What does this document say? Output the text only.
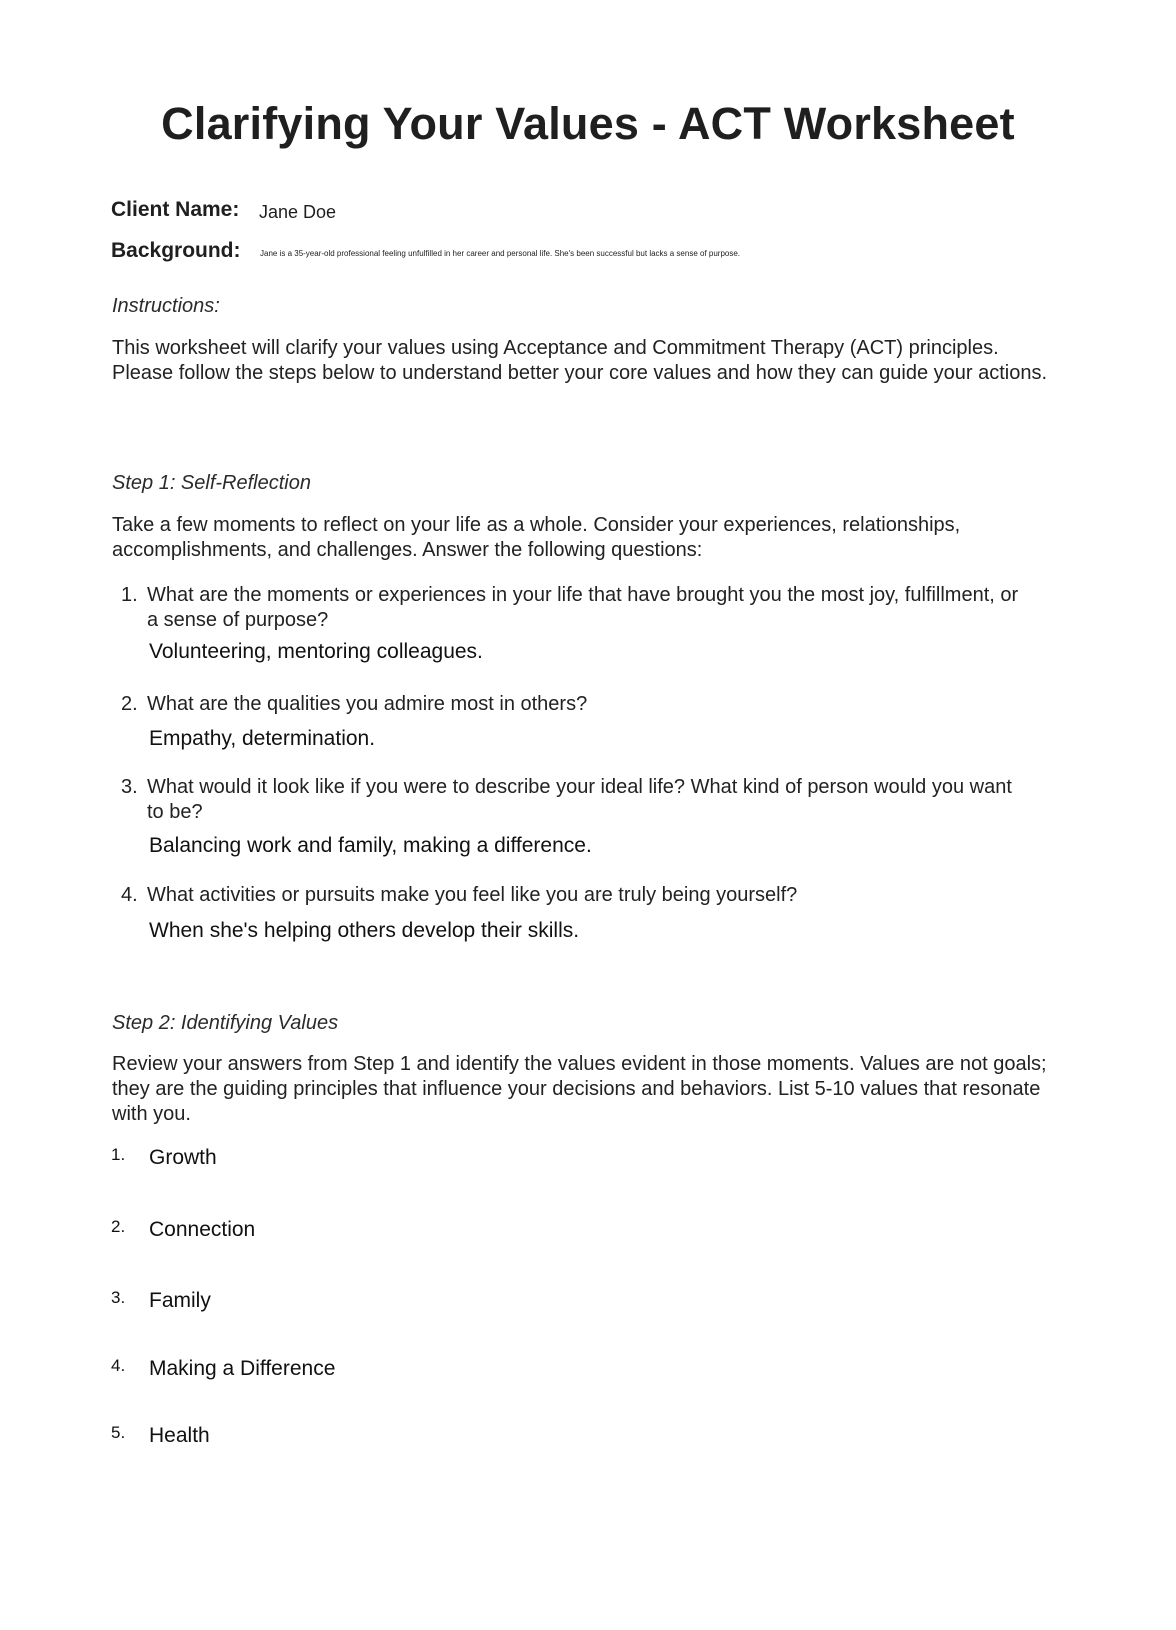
Clarifying Your Values - ACT Worksheet
Client Name: Jane Doe
Background: Jane is a 35-year-old professional feeling unfulfilled in her career and personal life. She's been successful but lacks a sense of purpose.
Instructions:
This worksheet will clarify your values using Acceptance and Commitment Therapy (ACT) principles. Please follow the steps below to understand better your core values and how they can guide your actions.
Step 1: Self-Reflection
Take a few moments to reflect on your life as a whole. Consider your experiences, relationships, accomplishments, and challenges. Answer the following questions:
1. What are the moments or experiences in your life that have brought you the most joy, fulfillment, or a sense of purpose?
Volunteering, mentoring colleagues.
2. What are the qualities you admire most in others?
Empathy, determination.
3. What would it look like if you were to describe your ideal life? What kind of person would you want to be?
Balancing work and family, making a difference.
4. What activities or pursuits make you feel like you are truly being yourself?
When she's helping others develop their skills.
Step 2: Identifying Values
Review your answers from Step 1 and identify the values evident in those moments. Values are not goals; they are the guiding principles that influence your decisions and behaviors. List 5-10 values that resonate with you.
1. Growth
2. Connection
3. Family
4. Making a Difference
5. Health
